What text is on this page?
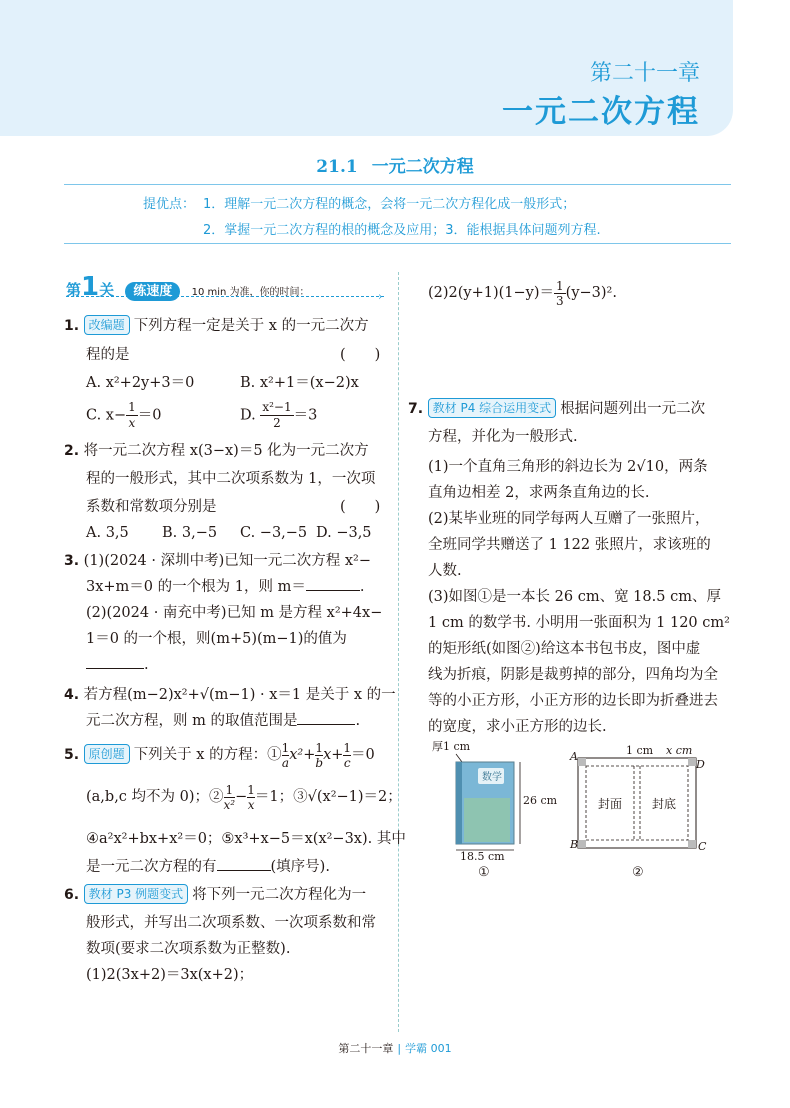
第二十一章
一元二次方程
21.1 一元二次方程
提优点： 1．理解一元二次方程的概念，会将一元二次方程化成一般形式；
2．掌握一元二次方程的根的概念及应用；3．能根据具体问题列方程.
第1关 练速度 10 min 为准，你的时间：	›
1. 改编题 下列方程一定是关于 x 的一元二次方
程的是	(　　)
A. x²+2y+3＝0	B. x²+1＝(x−2)x
C. $x- \frac{1}{x} =0$	D. $\frac{\text{x²−1}}{2} =3$
2. 将一元二次方程 x(3−x)＝5 化为一元二次方
程的一般形式，其中二次项系数为 1，一次项
系数和常数项分别是	(　　)
A. 3,5 B. 3,−5 C. −3,−5 D. −3,5
3. (1)(2024 · 深圳中考)已知一元二次方程 x²−
3x+m＝0 的一个根为 1，则 m＝	.
(2)(2024 · 南充中考)已知 m 是方程 x²+4x−
1＝0 的一个根，则(m+5)(m−1)的值为
.
4. 若方程(m−2)x²+√(m−1) · x＝1 是关于 x 的一
元二次方程，则 m 的取值范围是	.
5. 原创题 下列关于 x 的方程：① $\frac{1}{a} x^2+ \frac{1}{b} x+ \frac{1}{c} =0$
(a,b,c 均不为 0)；② $\frac{1}{\text{x²}} - \frac{1}{x} =1$；③√(x²−1)＝2；
④a²x²+bx+x²＝0；⑤x³+x−5＝x(x²−3x). 其中
是一元二次方程的有	(填序号).
6. 教材 P3 例题变式 将下列一元二次方程化为一
般形式，并写出二次项系数、一次项系数和常
数项(要求二次项系数为正整数).
(1)2(3x+2)＝3x(x+2)；
$(2)2(y+1)(1-y)= \frac{1}{3} (y-3)^2$.
7. 教材 P4 综合运用变式 根据问题列出一元二次
方程，并化为一般形式.
(1)一个直角三角形的斜边长为 2√10，两条
直角边相差 2，求两条直角边的长.
(2)某毕业班的同学每两人互赠了一张照片，
全班同学共赠送了 1 122 张照片，求该班的
人数.
(3)如图①是一本长 26 cm、宽 18.5 cm、厚
1 cm 的数学书. 小明用一张面积为 1 120 cm²
的矩形纸(如图②)给这本书包书皮，图中虚
线为折痕，阴影是裁剪掉的部分，四角均为全
等的小正方形，小正方形的边长即为折叠进去
的宽度，求小正方形的边长.
厚1 cm
数学
26 cm
18.5 cm
①
A
D
B	C
1 cm x cm
封面 封底
②
第二十一章 | 学霸 001
